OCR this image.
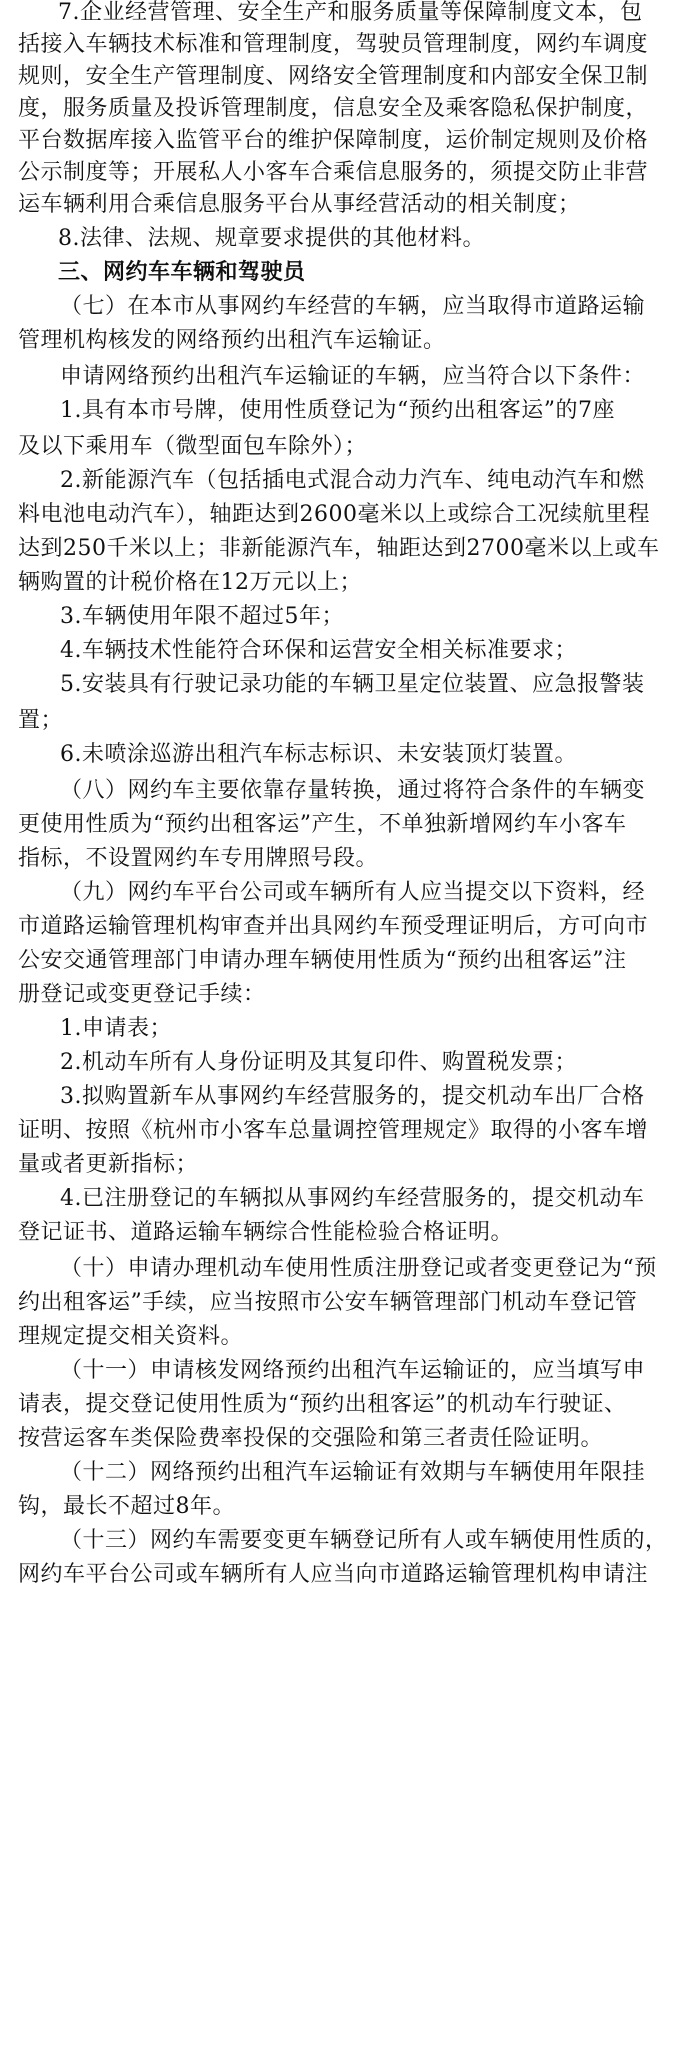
7.企业经营管理、安全生产和服务质量等保障制度文本，包
括接入车辆技术标准和管理制度，驾驶员管理制度，网约车调度
规则，安全生产管理制度、网络安全管理制度和内部安全保卫制
度，服务质量及投诉管理制度，信息安全及乘客隐私保护制度，
平台数据库接入监管平台的维护保障制度，运价制定规则及价格
公示制度等；开展私人小客车合乘信息服务的，须提交防止非营
运车辆利用合乘信息服务平台从事经营活动的相关制度；
8.法律、法规、规章要求提供的其他材料。
三、网约车车辆和驾驶员
（七）在本市从事网约车经营的车辆，应当取得市道路运输
管理机构核发的网络预约出租汽车运输证。
申请网络预约出租汽车运输证的车辆，应当符合以下条件：
1.具有本市号牌，使用性质登记为“预约出租客运”的7座
及以下乘用车（微型面包车除外）；
2.新能源汽车（包括插电式混合动力汽车、纯电动汽车和燃
料电池电动汽车），轴距达到2600毫米以上或综合工况续航里程
达到250千米以上；非新能源汽车，轴距达到2700毫米以上或车
辆购置的计税价格在12万元以上；
3.车辆使用年限不超过5年；
4.车辆技术性能符合环保和运营安全相关标准要求；
5.安装具有行驶记录功能的车辆卫星定位装置、应急报警装
置；
6.未喷涂巡游出租汽车标志标识、未安装顶灯装置。
（八）网约车主要依靠存量转换，通过将符合条件的车辆变
更使用性质为“预约出租客运”产生，不单独新增网约车小客车
指标，不设置网约车专用牌照号段。
（九）网约车平台公司或车辆所有人应当提交以下资料，经
市道路运输管理机构审查并出具网约车预受理证明后，方可向市
公安交通管理部门申请办理车辆使用性质为“预约出租客运”注
册登记或变更登记手续：
1.申请表；
2.机动车所有人身份证明及其复印件、购置税发票；
3.拟购置新车从事网约车经营服务的，提交机动车出厂合格
证明、按照《杭州市小客车总量调控管理规定》取得的小客车增
量或者更新指标；
4.已注册登记的车辆拟从事网约车经营服务的，提交机动车
登记证书、道路运输车辆综合性能检验合格证明。
（十）申请办理机动车使用性质注册登记或者变更登记为“预
约出租客运”手续，应当按照市公安车辆管理部门机动车登记管
理规定提交相关资料。
（十一）申请核发网络预约出租汽车运输证的，应当填写申
请表，提交登记使用性质为“预约出租客运”的机动车行驶证、
按营运客车类保险费率投保的交强险和第三者责任险证明。
（十二）网络预约出租汽车运输证有效期与车辆使用年限挂
钩，最长不超过8年。
（十三）网约车需要变更车辆登记所有人或车辆使用性质的，
网约车平台公司或车辆所有人应当向市道路运输管理机构申请注
